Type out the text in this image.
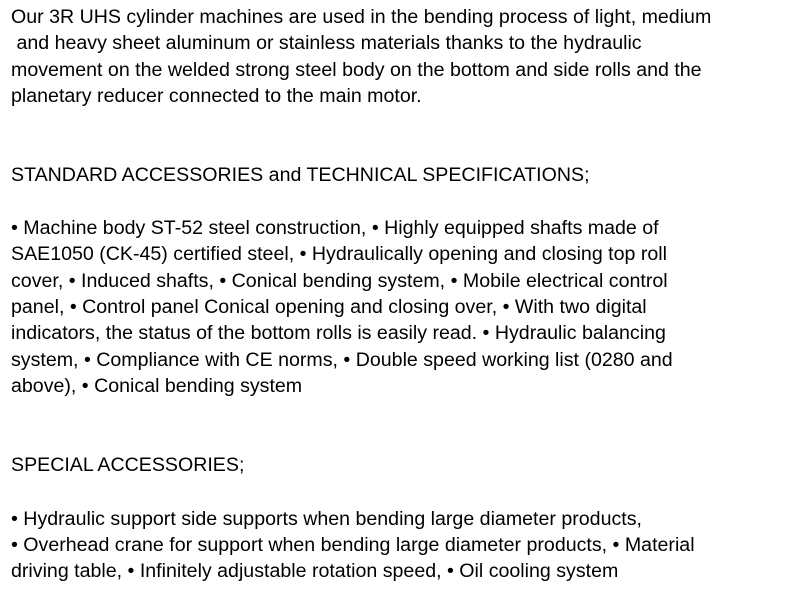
Our 3R UHS cylinder machines are used in the bending process of light, medium
and heavy sheet aluminum or stainless materials thanks to the hydraulic
movement on the welded strong steel body on the bottom and side rolls and the
planetary reducer connected to the main motor.
STANDARD ACCESSORIES and TECHNICAL SPECIFICATIONS;
• Machine body ST-52 steel construction, • Highly equipped shafts made of
SAE1050 (CK-45) certified steel, • Hydraulically opening and closing top roll
cover, • Induced shafts, • Conical bending system, • Mobile electrical control
panel, • Control panel Conical opening and closing over, • With two digital
indicators, the status of the bottom rolls is easily read. • Hydraulic balancing
system, • Compliance with CE norms, • Double speed working list (0280 and
above), • Conical bending system
SPECIAL ACCESSORIES;
• Hydraulic support side supports when bending large diameter products,
• Overhead crane for support when bending large diameter products, • Material
driving table, • Infinitely adjustable rotation speed, • Oil cooling system
